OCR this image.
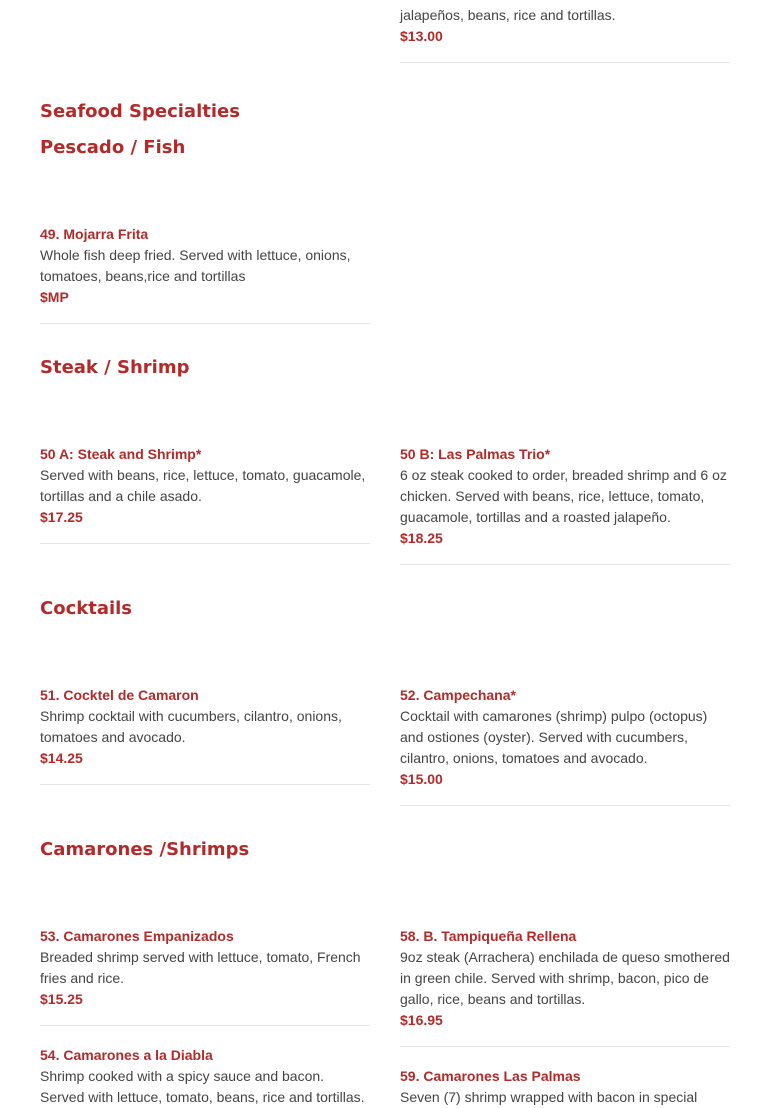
jalapeños, beans, rice and tortillas.
$13.00
Seafood Specialties
Pescado / Fish
49. Mojarra Frita
Whole fish deep fried. Served with lettuce, onions, tomatoes, beans,rice and tortillas
$MP
Steak / Shrimp
50 A: Steak and Shrimp*
Served with beans, rice, lettuce, tomato, guacamole, tortillas and a chile asado.
$17.25
50 B: Las Palmas Trio*
6 oz steak cooked to order, breaded shrimp and 6 oz chicken. Served with beans, rice, lettuce, tomato, guacamole, tortillas and a roasted jalapeño.
$18.25
Cocktails
51. Cocktel de Camaron
Shrimp cocktail with cucumbers, cilantro, onions, tomatoes and avocado.
$14.25
52. Campechana*
Cocktail with camarones (shrimp) pulpo (octopus) and ostiones (oyster). Served with cucumbers, cilantro, onions, tomatoes and avocado.
$15.00
Camarones /Shrimps
53. Camarones Empanizados
Breaded shrimp served with lettuce, tomato, French fries and rice.
$15.25
58. B. Tampiqueña Rellena
9oz steak (Arrachera) enchilada de queso smothered in green chile. Served with shrimp, bacon, pico de gallo, rice, beans and tortillas.
$16.95
54. Camarones a la Diabla
Shrimp cooked with a spicy sauce and bacon. Served with lettuce, tomato, beans, rice and tortillas.
59. Camarones Las Palmas
Seven (7) shrimp wrapped with bacon in special
